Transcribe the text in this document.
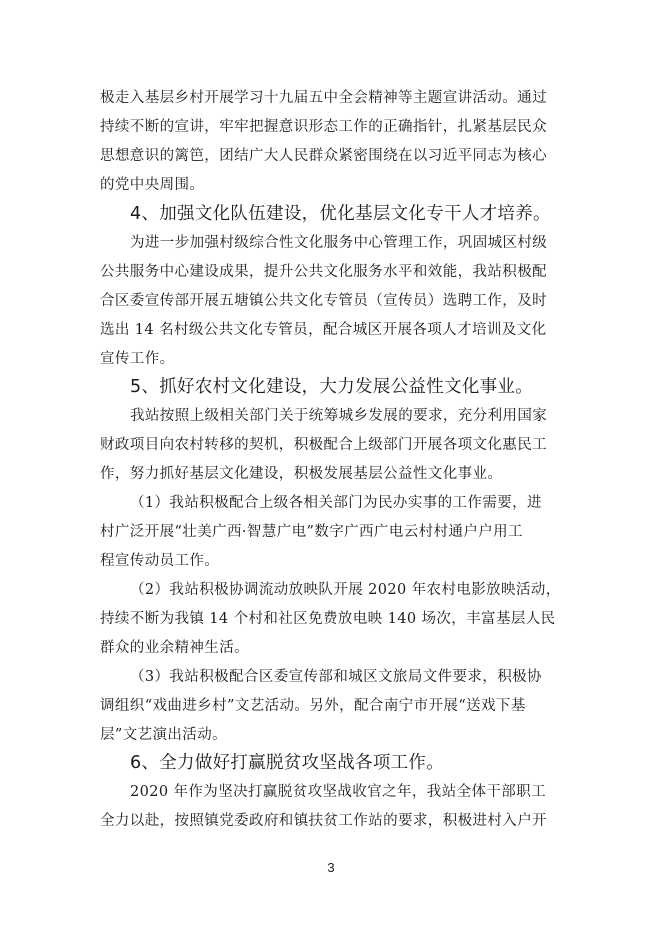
极走入基层乡村开展学习十九届五中全会精神等主题宣讲活动。通过
持续不断的宣讲，牢牢把握意识形态工作的正确指针，扎紧基层民众
思想意识的篱笆，团结广大人民群众紧密围绕在以习近平同志为核心
的党中央周围。
4、加强文化队伍建设，优化基层文化专干人才培养。
为进一步加强村级综合性文化服务中心管理工作，巩固城区村级
公共服务中心建设成果，提升公共文化服务水平和效能，我站积极配
合区委宣传部开展五塘镇公共文化专管员（宣传员）选聘工作，及时
选出 14 名村级公共文化专管员，配合城区开展各项人才培训及文化
宣传工作。
5、抓好农村文化建设，大力发展公益性文化事业。
我站按照上级相关部门关于统筹城乡发展的要求，充分利用国家
财政项目向农村转移的契机，积极配合上级部门开展各项文化惠民工
作，努力抓好基层文化建设，积极发展基层公益性文化事业。
（1）我站积极配合上级各相关部门为民办实事的工作需要，进
村广泛开展“壮美广西·智慧广电”数字广西广电云村村通户户用工
程宣传动员工作。
（2）我站积极协调流动放映队开展 2020 年农村电影放映活动，
持续不断为我镇 14 个村和社区免费放电映 140 场次，丰富基层人民
群众的业余精神生活。
（3）我站积极配合区委宣传部和城区文旅局文件要求，积极协
调组织“戏曲进乡村”文艺活动。另外，配合南宁市开展“送戏下基
层”文艺演出活动。
6、全力做好打赢脱贫攻坚战各项工作。
2020 年作为坚决打赢脱贫攻坚战收官之年，我站全体干部职工
全力以赴，按照镇党委政府和镇扶贫工作站的要求，积极进村入户开
3
